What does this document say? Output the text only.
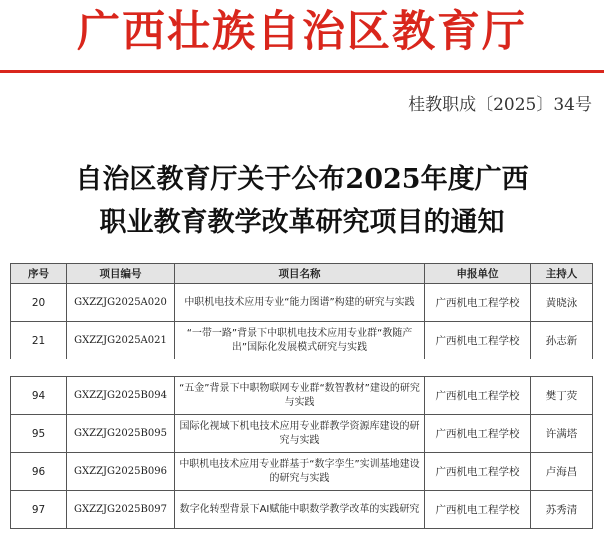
广西壮族自治区教育厅
桂教职成〔2025〕34号
自治区教育厅关于公布2025年度广西
职业教育教学改革研究项目的通知
序号	项目编号	项目名称	申报单位	主持人
20	GXZZJG2025A020	中职机电技术应用专业“能力图谱”构建的研究与实践	广西机电工程学校	黄晓泳
21	GXZZJG2025A021	“一带一路”背景下中职机电技术应用专业群“教随产出”国际化发展模式研究与实践	广西机电工程学校	孙志新
94	GXZZJG2025B094	“五金”背景下中职物联网专业群“数智教材”建设的研究与实践	广西机电工程学校	樊丁荧
95	GXZZJG2025B095	国际化视域下机电技术应用专业群教学资源库建设的研究与实践	广西机电工程学校	许满塔
96	GXZZJG2025B096	中职机电技术应用专业群基于“数字孪生”实训基地建设的研究与实践	广西机电工程学校	卢海昌
97	GXZZJG2025B097	数字化转型背景下AI赋能中职数学教学改革的实践研究	广西机电工程学校	苏秀清
